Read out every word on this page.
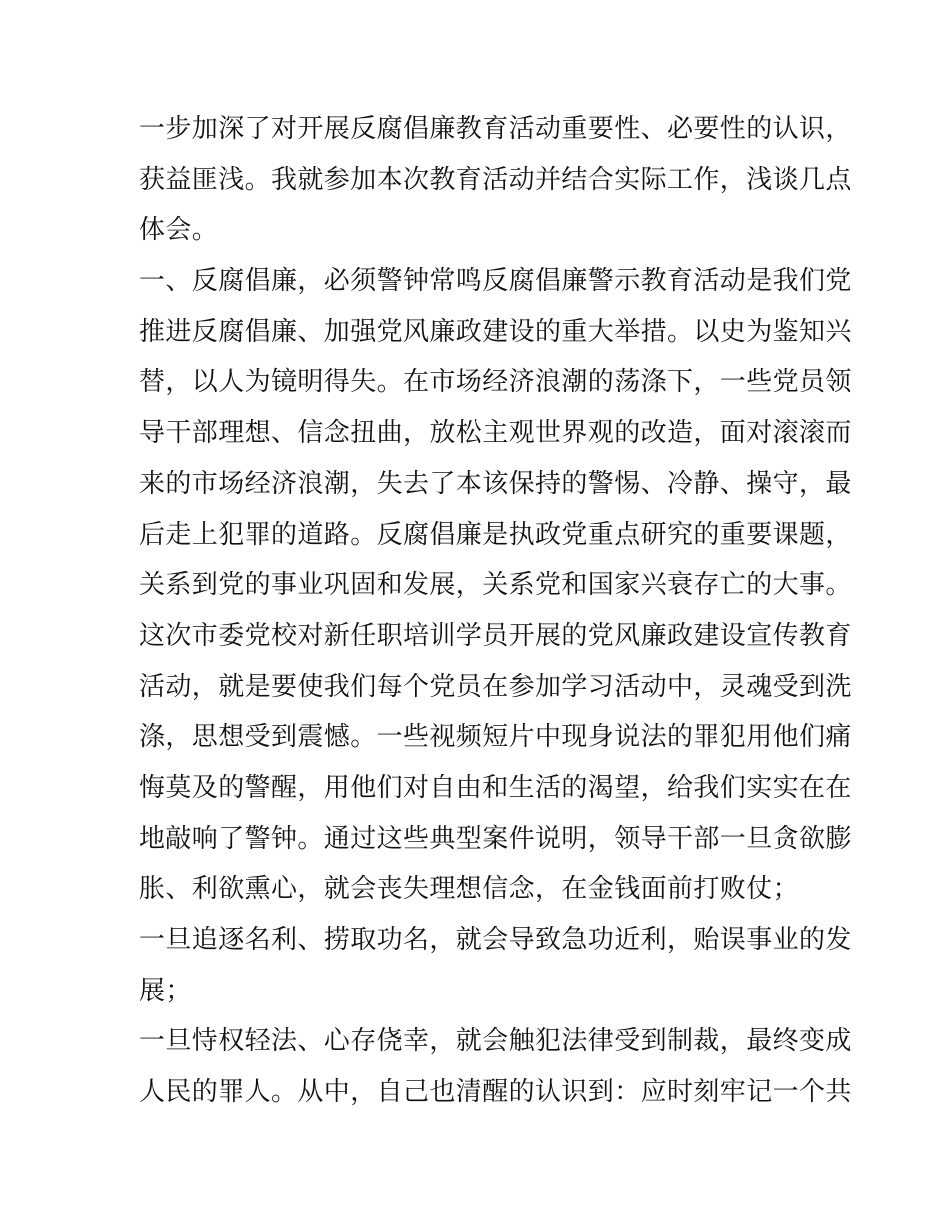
一步加深了对开展反腐倡廉教育活动重要性、必要性的认识，
获益匪浅。我就参加本次教育活动并结合实际工作，浅谈几点
体会。
一、反腐倡廉，必须警钟常鸣反腐倡廉警示教育活动是我们党
推进反腐倡廉、加强党风廉政建设的重大举措。以史为鉴知兴
替，以人为镜明得失。在市场经济浪潮的荡涤下，一些党员领
导干部理想、信念扭曲，放松主观世界观的改造，面对滚滚而
来的市场经济浪潮，失去了本该保持的警惕、冷静、操守，最
后走上犯罪的道路。反腐倡廉是执政党重点研究的重要课题，
关系到党的事业巩固和发展，关系党和国家兴衰存亡的大事。
这次市委党校对新任职培训学员开展的党风廉政建设宣传教育
活动，就是要使我们每个党员在参加学习活动中，灵魂受到洗
涤，思想受到震憾。一些视频短片中现身说法的罪犯用他们痛
悔莫及的警醒，用他们对自由和生活的渴望，给我们实实在在
地敲响了警钟。通过这些典型案件说明，领导干部一旦贪欲膨
胀、利欲熏心，就会丧失理想信念，在金钱面前打败仗；
一旦追逐名利、捞取功名，就会导致急功近利，贻误事业的发
展；
一旦恃权轻法、心存侥幸，就会触犯法律受到制裁，最终变成
人民的罪人。从中，自己也清醒的认识到：应时刻牢记一个共
